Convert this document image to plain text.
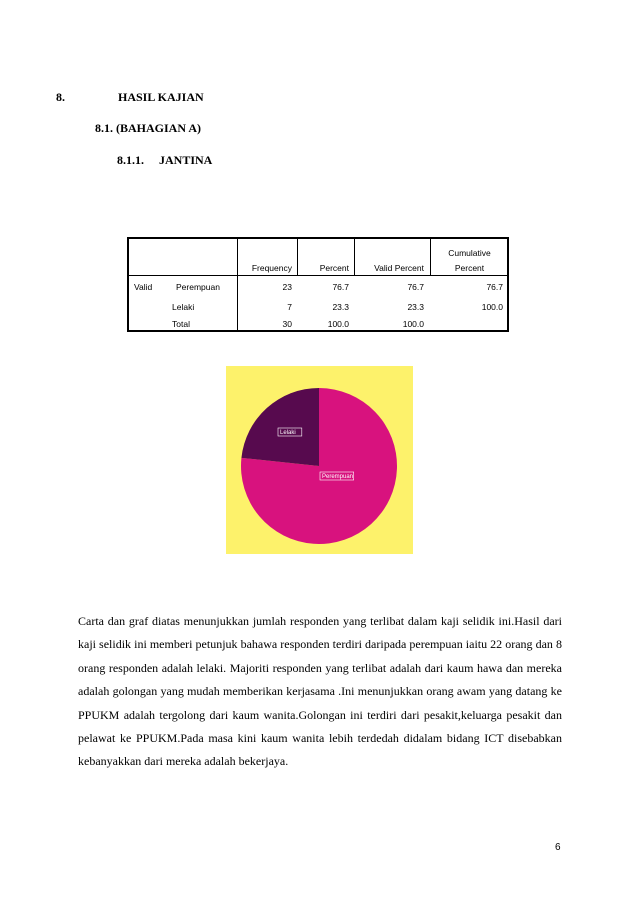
8.	HASIL KAJIAN
8.1. (BAHAGIAN A)
8.1.1. JANTINA
Frequency	Percent	Valid Percent
Cumulative
Percent
Valid	Perempuan	23	76.7	76.7	76.7
Lelaki	7	23.3	23.3	100.0
Total	30	100.0	100.0
Perempuan
Lelaki
Carta dan graf diatas menunjukkan jumlah responden yang terlibat dalam kaji selidik ini.Hasil dari kaji selidik ini memberi petunjuk bahawa responden terdiri daripada perempuan iaitu 22 orang dan 8 orang responden adalah lelaki. Majoriti responden yang terlibat adalah dari kaum hawa dan mereka adalah golongan yang mudah memberikan kerjasama .Ini menunjukkan orang awam yang datang ke PPUKM adalah tergolong dari kaum wanita.Golongan ini terdiri dari pesakit,keluarga pesakit dan pelawat ke PPUKM.Pada masa kini kaum wanita lebih terdedah didalam bidang ICT disebabkan kebanyakkan dari mereka adalah bekerjaya.
6
